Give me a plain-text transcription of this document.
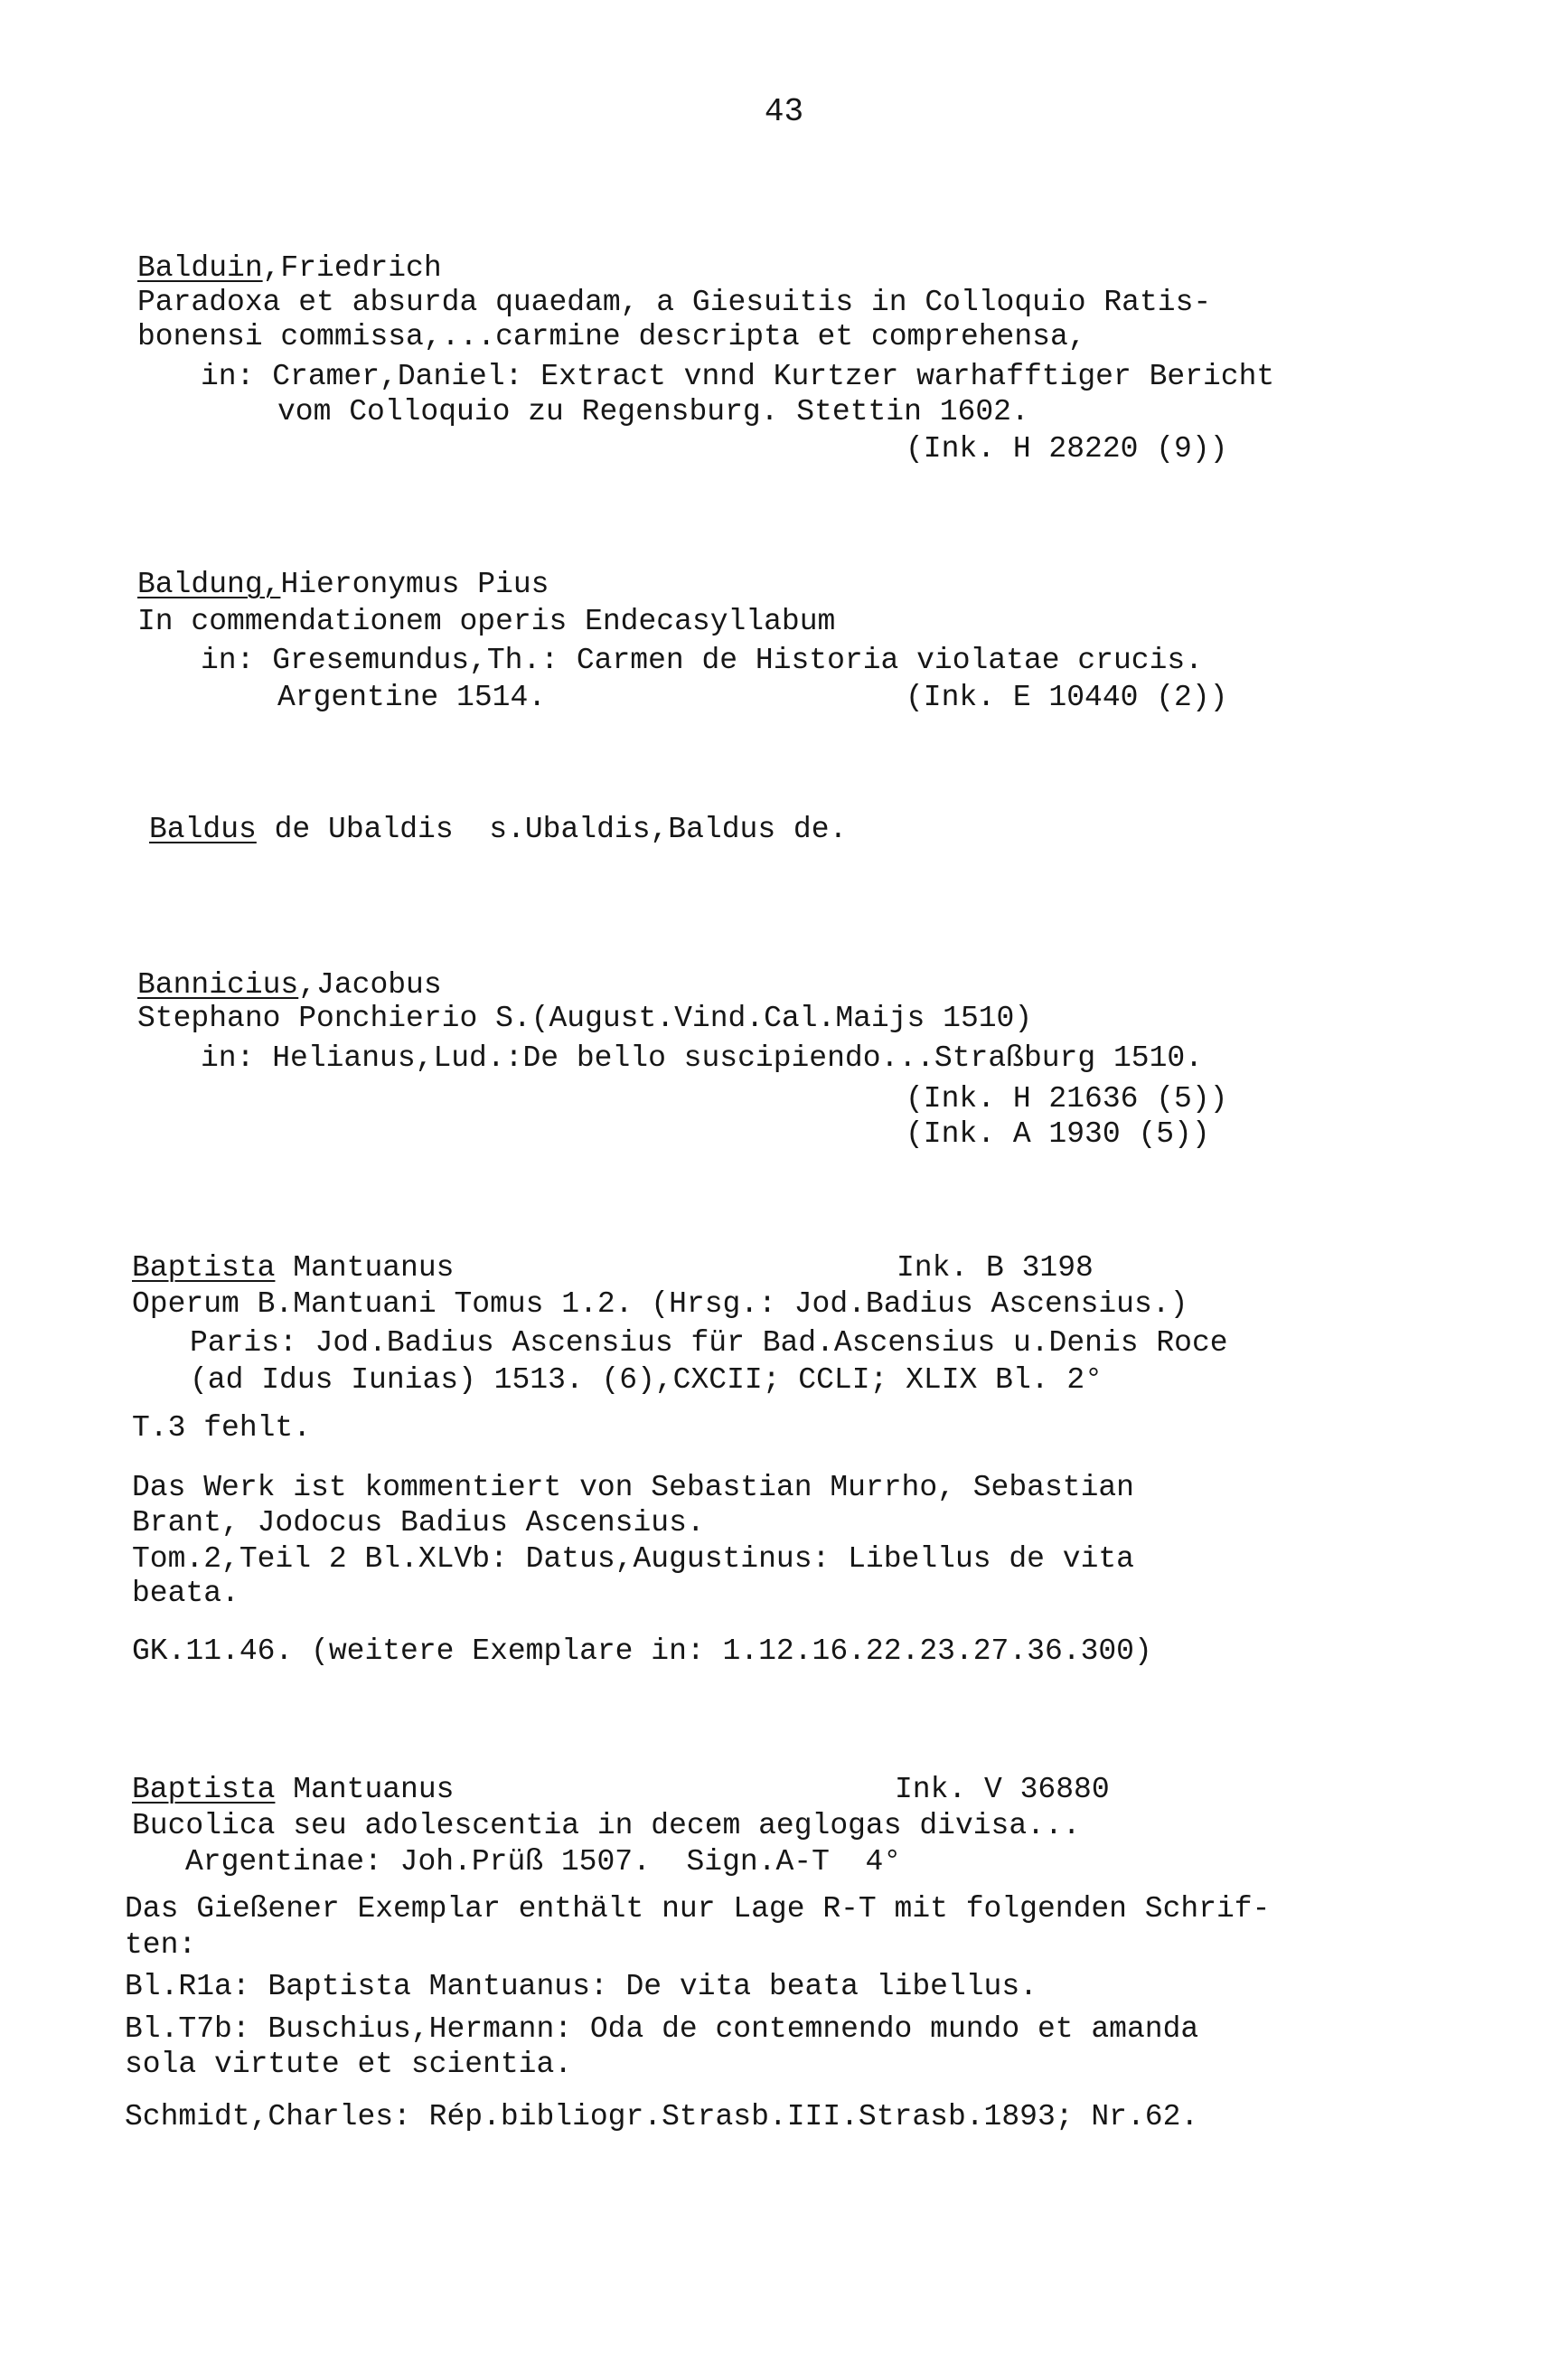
43
Balduin,Friedrich
Paradoxa et absurda quaedam, a Giesuitis in Colloquio Ratis-
bonensi commissa,...carmine descripta et comprehensa,
in: Cramer,Daniel: Extract vnnd Kurtzer warhafftiger Bericht
vom Colloquio zu Regensburg. Stettin 1602.
(Ink. H 28220 (9))
Baldung,Hieronymus Pius
In commendationem operis Endecasyllabum
in: Gresemundus,Th.: Carmen de Historia violatae crucis.
Argentine 1514.	(Ink. E 10440 (2))
Baldus de Ubaldis  s.Ubaldis,Baldus de.
Bannicius,Jacobus
Stephano Ponchierio S.(August.Vind.Cal.Maijs 1510)
in: Helianus,Lud.:De bello suscipiendo...Straßburg 1510.
(Ink. H 21636 (5))
(Ink. A 1930 (5))
Baptista Mantuanus	Ink. B 3198
Operum B.Mantuani Tomus 1.2. (Hrsg.: Jod.Badius Ascensius.)
Paris: Jod.Badius Ascensius für Bad.Ascensius u.Denis Roce
(ad Idus Iunias) 1513. (6),CXCII; CCLI; XLIX Bl. 2°
T.3 fehlt.
Das Werk ist kommentiert von Sebastian Murrho, Sebastian
Brant, Jodocus Badius Ascensius.
Tom.2,Teil 2 Bl.XLVb: Datus,Augustinus: Libellus de vita
beata.
GK.11.46. (weitere Exemplare in: 1.12.16.22.23.27.36.300)
Baptista Mantuanus	Ink. V 36880
Bucolica seu adolescentia in decem aeglogas divisa...
Argentinae: Joh.Prüß 1507.  Sign.A-T  4°
Das Gießener Exemplar enthält nur Lage R-T mit folgenden Schrif-
ten:
Bl.R1a: Baptista Mantuanus: De vita beata libellus.
Bl.T7b: Buschius,Hermann: Oda de contemnendo mundo et amanda
sola virtute et scientia.
Schmidt,Charles: Rép.bibliogr.Strasb.III.Strasb.1893; Nr.62.
